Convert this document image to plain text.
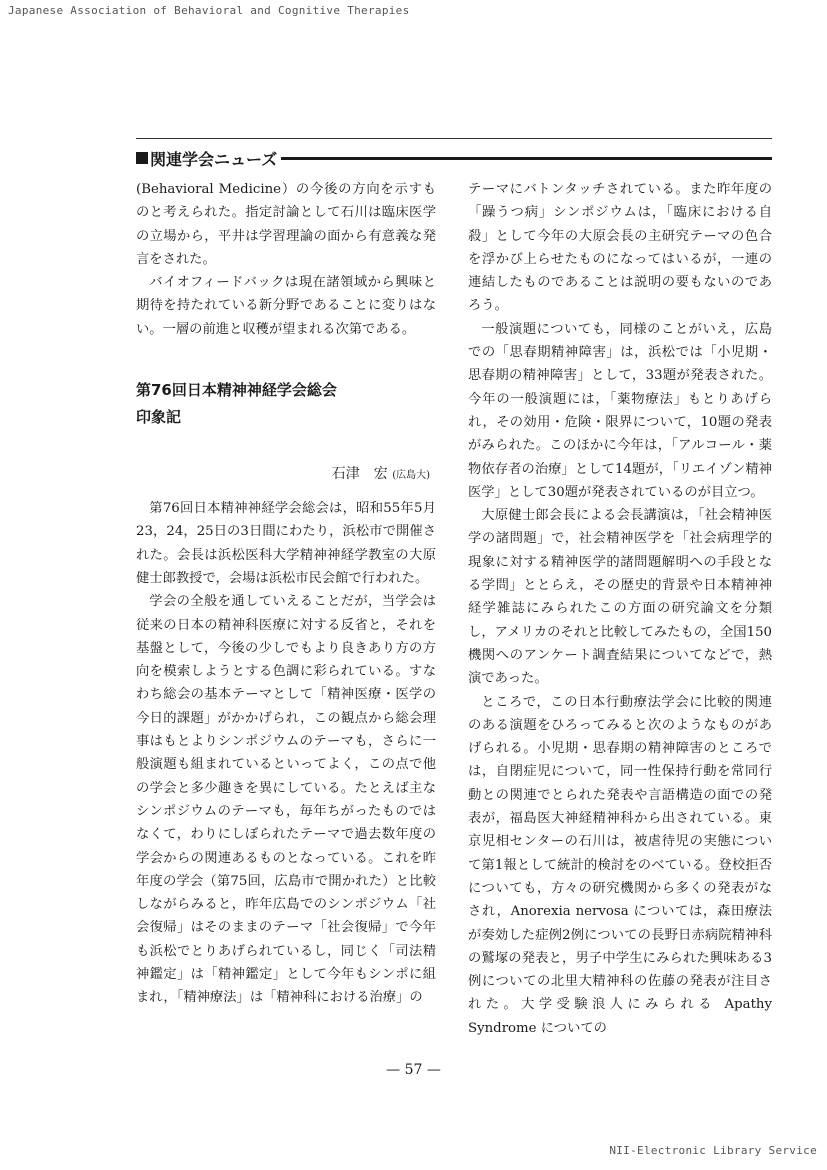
Japanese Association of Behavioral and Cognitive Therapies
関連学会ニューズ

(Behavioral Medicine）の今後の方向を示すものと考えられた。指定討論として石川は臨床医学の立場から，平井は学習理論の面から有意義な発言をされた。

バイオフィードバックは現在諸領域から興味と期待を持たれている新分野であることに変りはない。一層の前進と収穫が望まれる次第である。

第76回日本精神神経学会総会
印象記
石津　宏 (広島大)

第76回日本精神神経学会総会は，昭和55年5月23，24，25日の3日間にわたり，浜松市で開催された。会長は浜松医科大学精神神経学教室の大原健士郎教授で，会場は浜松市民会館で行われた。

学会の全般を通していえることだが，当学会は従来の日本の精神科医療に対する反省と，それを基盤として，今後の少しでもより良きあり方の方向を模索しようとする色調に彩られている。すなわち総会の基本テーマとして「精神医療・医学の今日的課題」がかかげられ，この観点から総会理事はもとよりシンポジウムのテーマも，さらに一般演題も組まれているといってよく，この点で他の学会と多少趣きを異にしている。たとえば主なシンポジウムのテーマも，毎年ちがったものではなくて，わりにしぼられたテーマで過去数年度の学会からの関連あるものとなっている。これを昨年度の学会（第75回，広島市で開かれた）と比較しながらみると，昨年広島でのシンポジウム「社会復帰」はそのままのテーマ「社会復帰」で今年も浜松でとりあげられているし，同じく「司法精神鑑定」は「精神鑑定」として今年もシンポに組まれ，「精神療法」は「精神科における治療」の

テーマにバトンタッチされている。また昨年度の「躁うつ病」シンポジウムは，「臨床における自殺」として今年の大原会長の主研究テーマの色合を浮かび上らせたものになってはいるが，一連の連結したものであることは説明の要もないのであろう。

一般演題についても，同様のことがいえ，広島での「思春期精神障害」は，浜松では「小児期・思春期の精神障害」として，33題が発表された。今年の一般演題には，「薬物療法」もとりあげられ，その効用・危険・限界について，10題の発表がみられた。このほかに今年は，「アルコール・薬物依存者の治療」として14題が，「リエイゾン精神医学」として30題が発表されているのが目立つ。

大原健士郎会長による会長講演は，「社会精神医学の諸問題」で，社会精神医学を「社会病理学的現象に対する精神医学的諸問題解明への手段となる学問」ととらえ，その歴史的背景や日本精神神経学雑誌にみられたこの方面の研究論文を分類し，アメリカのそれと比較してみたもの，全国150機関へのアンケート調査結果についてなどで，熱演であった。

ところで，この日本行動療法学会に比較的関連のある演題をひろってみると次のようなものがあげられる。小児期・思春期の精神障害のところでは，自閉症児について，同一性保持行動を常同行動との関連でとられた発表や言語構造の面での発表が，福島医大神経精神科から出されている。東京児相センターの石川は，被虐待児の実態について第1報として統計的検討をのべている。登校拒否についても，方々の研究機関から多くの発表がなされ，Anorexia nervosa については，森田療法が奏効した症例2例についての長野日赤病院精神科の鷲塚の発表と，男子中学生にみられた興味ある3例についての北里大精神科の佐藤の発表が注目された。大学受験浪人にみられる Apathy Syndrome についての

— 57 —
NII-Electronic Library Service
